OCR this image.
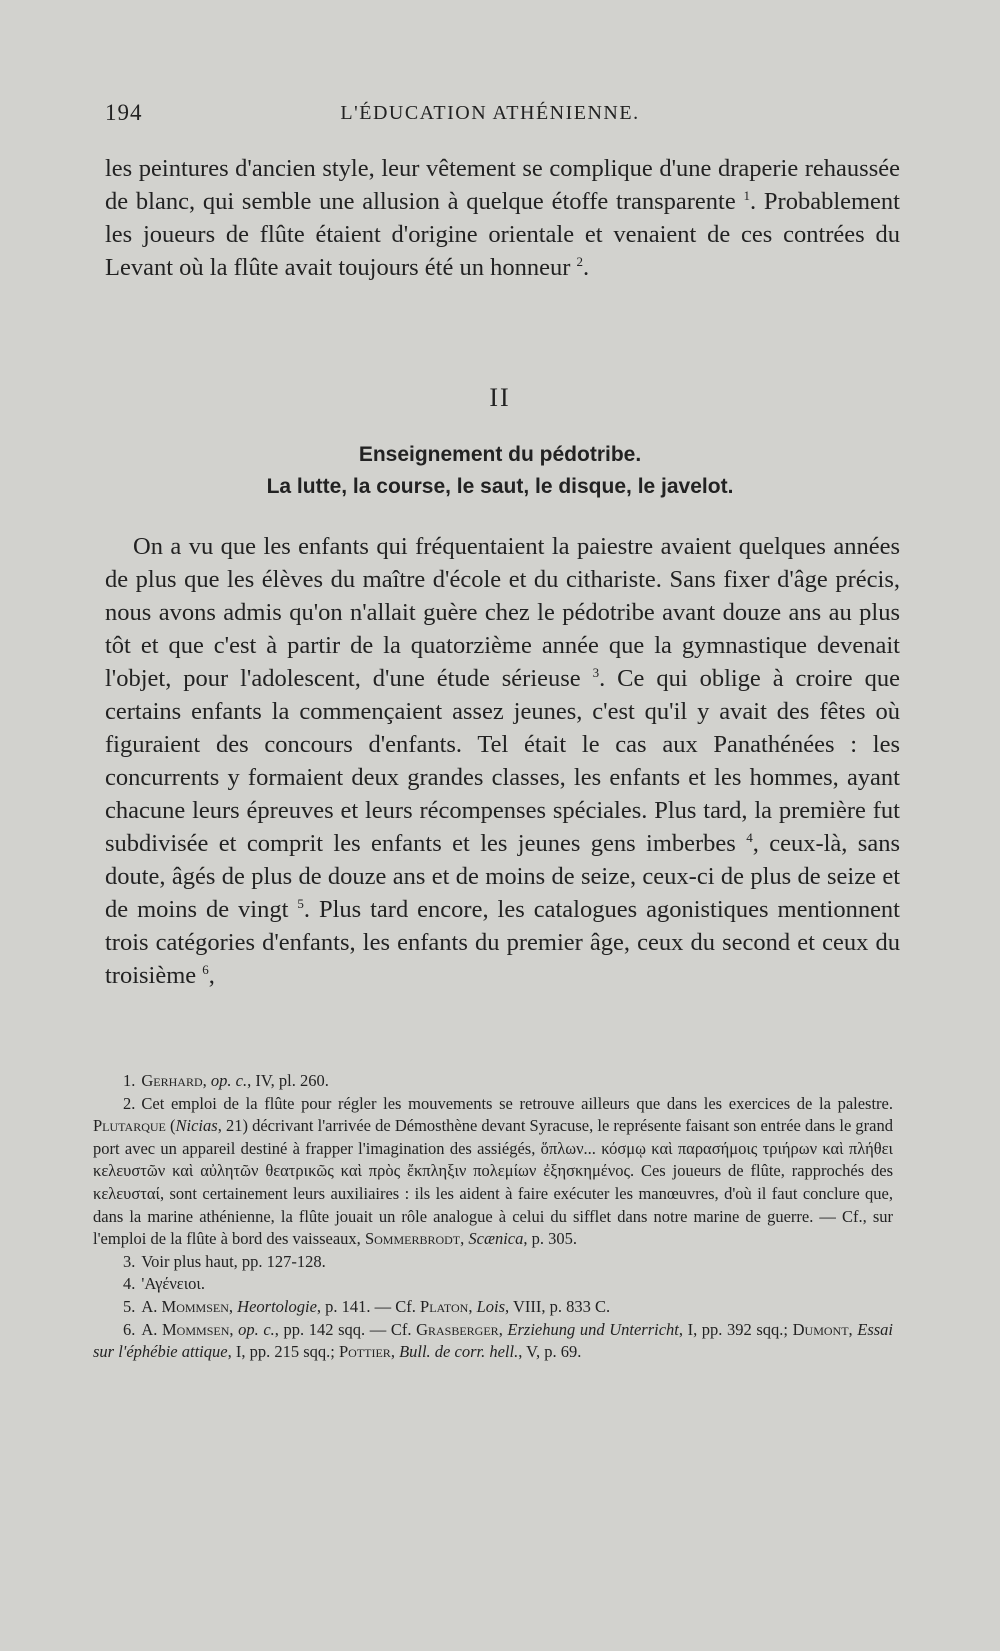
194	L'ÉDUCATION ATHÉNIENNE.

les peintures d'ancien style, leur vêtement se complique d'une draperie rehaussée de blanc, qui semble une allusion à quelque étoffe transparente $^1$. Probablement les joueurs de flûte étaient d'origine orientale et venaient de ces contrées du Levant où la flûte avait toujours été un honneur $^2$.

II
Enseignement du pédotribe.
La lutte, la course, le saut, le disque, le javelot.

On a vu que les enfants qui fréquentaient la paiestre avaient quelques années de plus que les élèves du maître d'école et du cithariste. Sans fixer d'âge précis, nous avons admis qu'on n'allait guère chez le pédotribe avant douze ans au plus tôt et que c'est à partir de la quatorzième année que la gymnastique devenait l'objet, pour l'adolescent, d'une étude sérieuse $^3$. Ce qui oblige à croire que certains enfants la commençaient assez jeunes, c'est qu'il y avait des fêtes où figuraient des concours d'enfants. Tel était le cas aux Panathénées : les concurrents y formaient deux grandes classes, les enfants et les hommes, ayant chacune leurs épreuves et leurs récompenses spéciales. Plus tard, la première fut subdivisée et comprit les enfants et les jeunes gens imberbes $^4$, ceux-là, sans doute, âgés de plus de douze ans et de moins de seize, ceux-ci de plus de seize et de moins de vingt $^5$. Plus tard encore, les catalogues agonistiques mentionnent trois catégories d'enfants, les enfants du premier âge, ceux du second et ceux du troisième $^6$,

1. Gerhard, op. c., IV, pl. 260.

2. Cet emploi de la flûte pour régler les mouvements se retrouve ailleurs que dans les exercices de la palestre. Plutarque (Nicias, 21) décrivant l'arrivée de Démosthène devant Syracuse, le représente faisant son entrée dans le grand port avec un appareil destiné à frapper l'imagination des assiégés, ὅπλων... κόσμῳ καὶ παρασήμοις τριήρων καὶ πλήθει κελευστῶν καὶ αὐλητῶν θεατρικῶς καὶ πρὸς ἔκπληξιν πολεμίων ἐξησκημένος. Ces joueurs de flûte, rapprochés des κελευσταί, sont certainement leurs auxiliaires : ils les aident à faire exécuter les manœuvres, d'où il faut conclure que, dans la marine athénienne, la flûte jouait un rôle analogue à celui du sifflet dans notre marine de guerre. — Cf., sur l'emploi de la flûte à bord des vaisseaux, Sommerbrodt, Scænica, p. 305.

3. Voir plus haut, pp. 127-128.

4. 'Αγένειοι.

5. A. Mommsen, Heortologie, p. 141. — Cf. Platon, Lois, VIII, p. 833 C.

6. A. Mommsen, op. c., pp. 142 sqq. — Cf. Grasberger, Erziehung und Unterricht, I, pp. 392 sqq.; Dumont, Essai sur l'éphébie attique, I, pp. 215 sqq.; Pottier, Bull. de corr. hell., V, p. 69.
